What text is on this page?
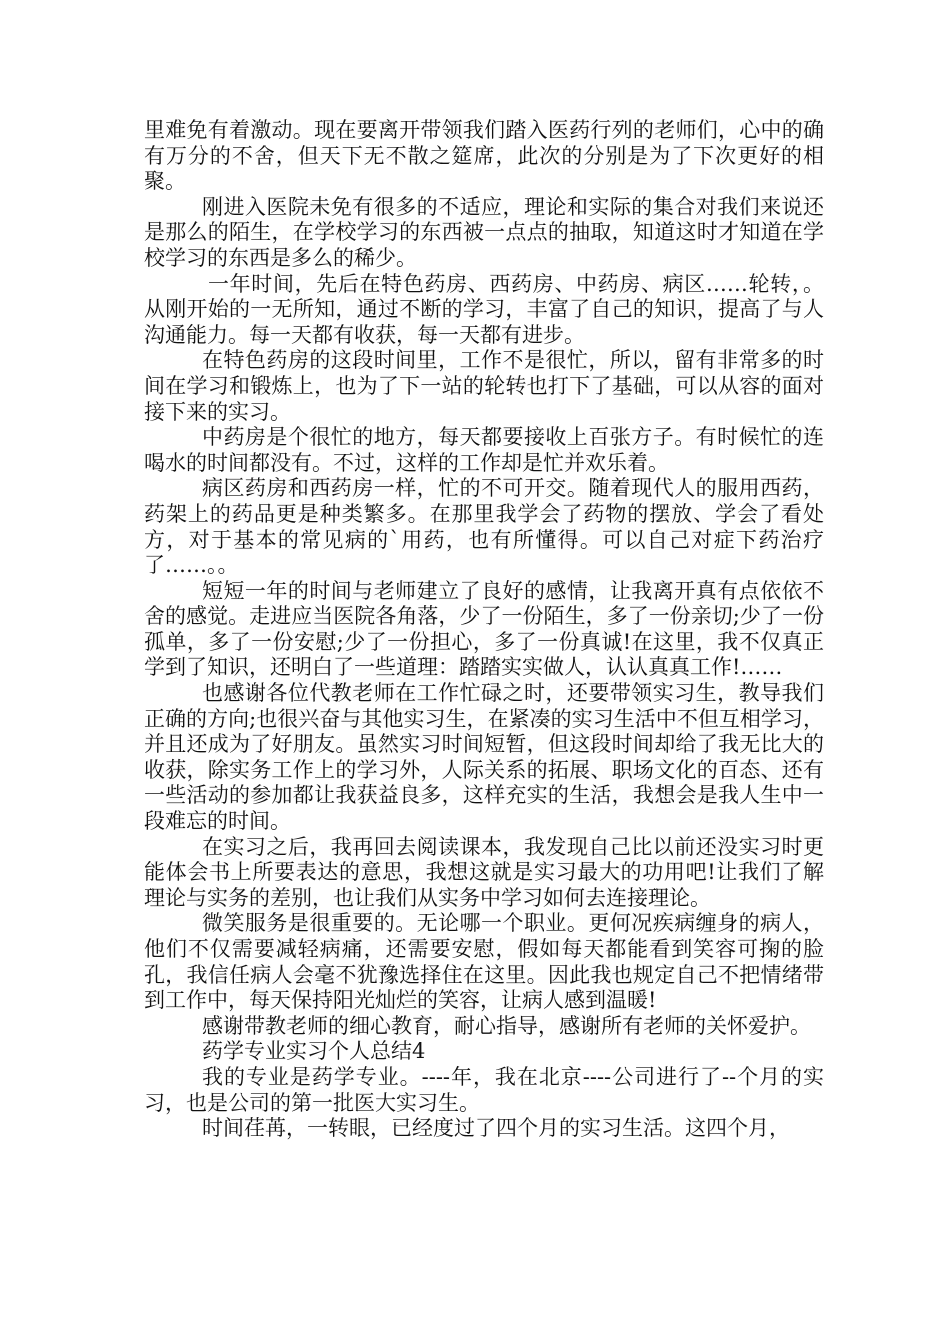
里难免有着激动。现在要离开带领我们踏入医药行列的老师们，心中的确有万分的不舍，但天下无不散之筵席，此次的分别是为了下次更好的相聚。

刚进入医院未免有很多的不适应，理论和实际的集合对我们来说还是那么的陌生，在学校学习的东西被一点点的抽取，知道这时才知道在学校学习的东西是多么的稀少。

一年时间，先后在特色药房、西药房、中药房、病区……轮转，。从刚开始的一无所知，通过不断的学习，丰富了自己的知识，提高了与人沟通能力。每一天都有收获，每一天都有进步。

在特色药房的这段时间里，工作不是很忙，所以，留有非常多的时间在学习和锻炼上，也为了下一站的轮转也打下了基础，可以从容的面对接下来的实习。

中药房是个很忙的地方，每天都要接收上百张方子。有时候忙的连喝水的时间都没有。不过，这样的工作却是忙并欢乐着。

病区药房和西药房一样，忙的不可开交。随着现代人的服用西药，药架上的药品更是种类繁多。在那里我学会了药物的摆放、学会了看处方，对于基本的常见病的`用药，也有所懂得。可以自己对症下药治疗了……。。

短短一年的时间与老师建立了良好的感情，让我离开真有点依依不舍的感觉。走进应当医院各角落，少了一份陌生，多了一份亲切;少了一份孤单，多了一份安慰;少了一份担心，多了一份真诚!在这里，我不仅真正学到了知识，还明白了一些道理：踏踏实实做人，认认真真工作!……

也感谢各位代教老师在工作忙碌之时，还要带领实习生，教导我们正确的方向;也很兴奋与其他实习生，在紧凑的实习生活中不但互相学习，并且还成为了好朋友。虽然实习时间短暂，但这段时间却给了我无比大的收获，除实务工作上的学习外，人际关系的拓展、职场文化的百态、还有一些活动的参加都让我获益良多，这样充实的生活，我想会是我人生中一段难忘的时间。

在实习之后，我再回去阅读课本，我发现自己比以前还没实习时更能体会书上所要表达的意思，我想这就是实习最大的功用吧!让我们了解理论与实务的差别，也让我们从实务中学习如何去连接理论。

微笑服务是很重要的。无论哪一个职业。更何况疾病缠身的病人，他们不仅需要减轻病痛，还需要安慰，假如每天都能看到笑容可掬的脸孔，我信任病人会毫不犹豫选择住在这里。因此我也规定自己不把情绪带到工作中，每天保持阳光灿烂的笑容，让病人感到温暖!

感谢带教老师的细心教育，耐心指导，感谢所有老师的关怀爱护。

药学专业实习个人总结4

我的专业是药学专业。----年，我在北京----公司进行了--个月的实习，也是公司的第一批医大实习生。

时间荏苒，一转眼，已经度过了四个月的实习生活。这四个月，
